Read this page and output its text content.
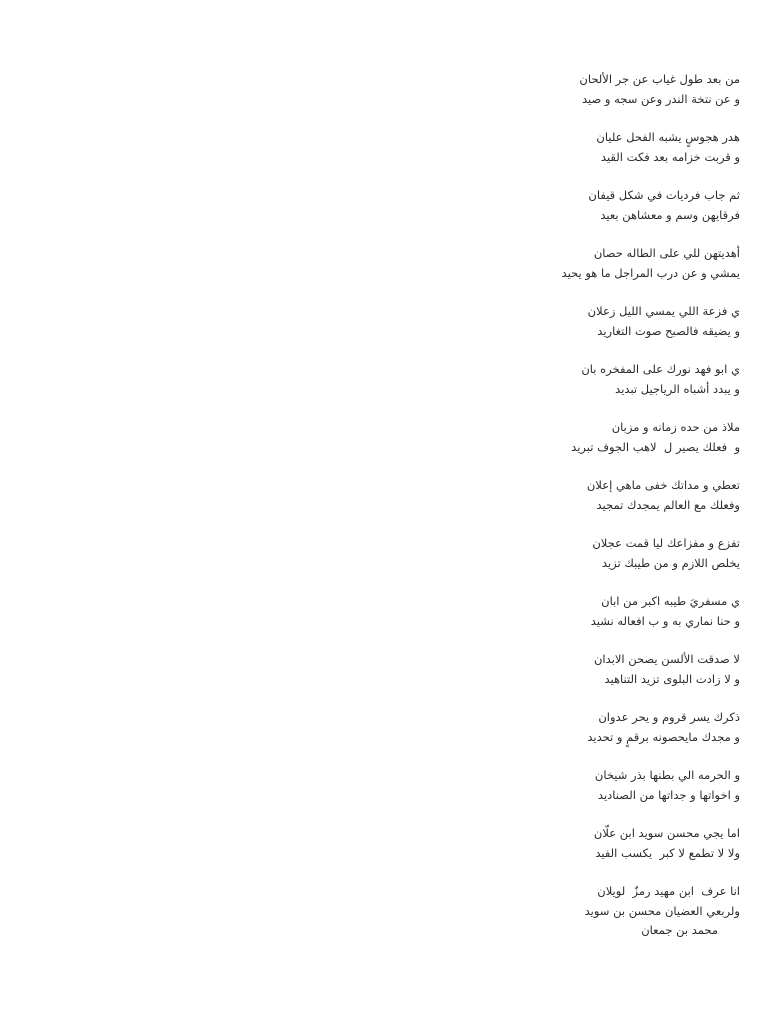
من بعد طول غياب عن جر الألحان
و عن نتخة الندر وعن سجه و صيد
هدر هجوسٍ يشبه الفحل عليان
و قربت خزامه بعد فكت القيد
ثم جاب فرديات في شكل قيفان
فرقايهن وسم و معشاهن بعيد
أهديتهن للي على الطاله حصان
يمشي و عن درب المراجل ما هو يحيد
ي فزعة اللي يمسي الليل زعلان
و يضيقه فالصبح صوت التغاريد
ي ابو فهد نورك على المفخره بان
و يبدد أشباه الرياجيل تبديد
ملاذ من حده زمانه و مزبان
و  فعلك يصير ل  لاهب الجوف تبريد
تعطي و مداتك خفى ماهي إعلان
وفعلك مع العالم يمجدك تمجيد
تفزع و مفزاعك ليا قمت عجلان
يخلص اللازم و من طيبك تزيد
ي مسفريَ طيبه اكبر من ابان
و حنا نماري به و ب افعاله نشيد
لا صدقت الألسن يصحن الابدان
و لا زادت البلوى تزيد التناهيد
ذكرك يسر قروم و يحر عدوان
و مجدك مايحصونه برقمٍ و تحديد
و الحرمه الي بطنها بذر شيخان
و اخواتها و جداتها من الصناديد
اما يجي محسن سويد ابن علّان
ولا لا تطمع لا كبر  يكسب الفيد
انا عرف  ابن مهيد رمزٌ  لويلان
ولربعي العضيان محسن بن سويد
محمد بن جمعان
